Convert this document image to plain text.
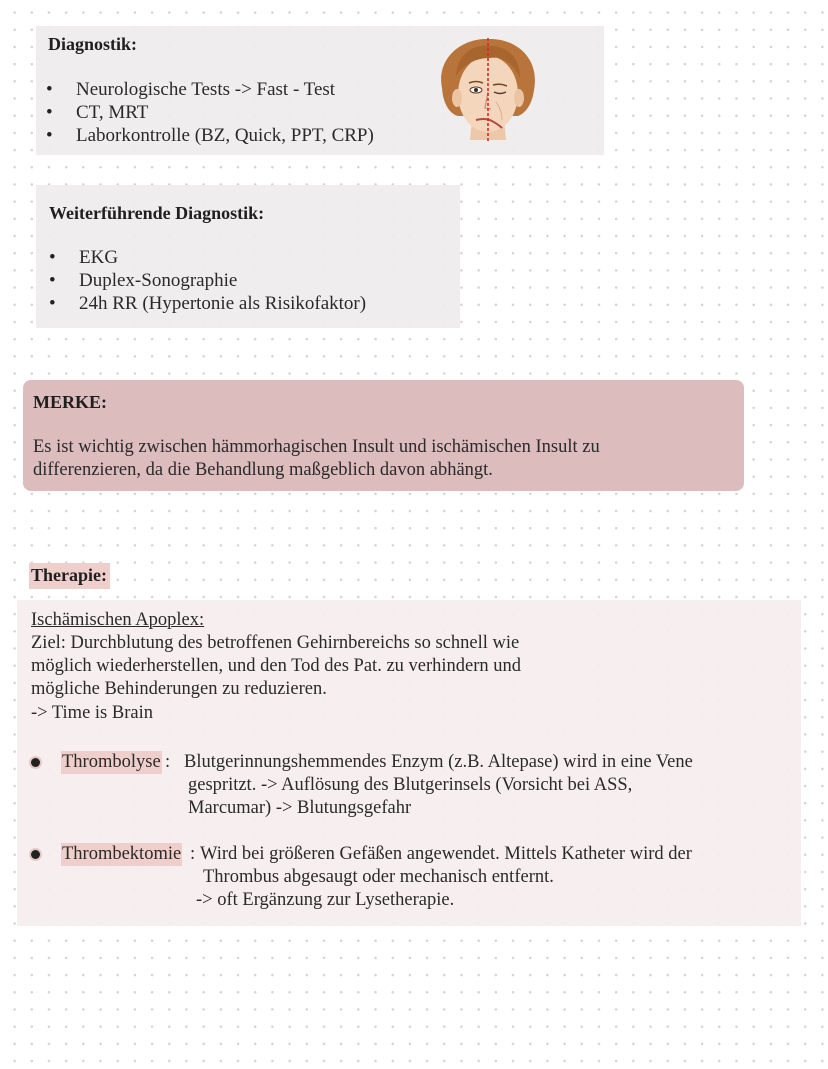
Diagnostik:
• Neurologische Tests -> Fast - Test
• CT, MRT
• Laborkontrolle (BZ, Quick, PPT, CRP)
Weiterführende Diagnostik:
• EKG
• Duplex-Sonographie
• 24h RR (Hypertonie als Risikofaktor)
MERKE:
Es ist wichtig zwischen hämmorhagischen Insult und ischämischen Insult zu
differenzieren, da die Behandlung maßgeblich davon abhängt.
Therapie:
Ischämischen Apoplex:
Ziel: Durchblutung des betroffenen Gehirnbereichs so schnell wie
möglich wiederherstellen, und den Tod des Pat. zu verhindern und
mögliche Behinderungen zu reduzieren.
-> Time is Brain
Thrombolyse : Blutgerinnungshemmendes Enzym (z.B. Altepase) wird in eine Vene
gespritzt. -> Auflösung des Blutgerinsels (Vorsicht bei ASS,
Marcumar) -> Blutungsgefahr
Thrombektomie : Wird bei größeren Gefäßen angewendet. Mittels Katheter wird der
Thrombus abgesaugt oder mechanisch entfernt.
-> oft Ergänzung zur Lysetherapie.
